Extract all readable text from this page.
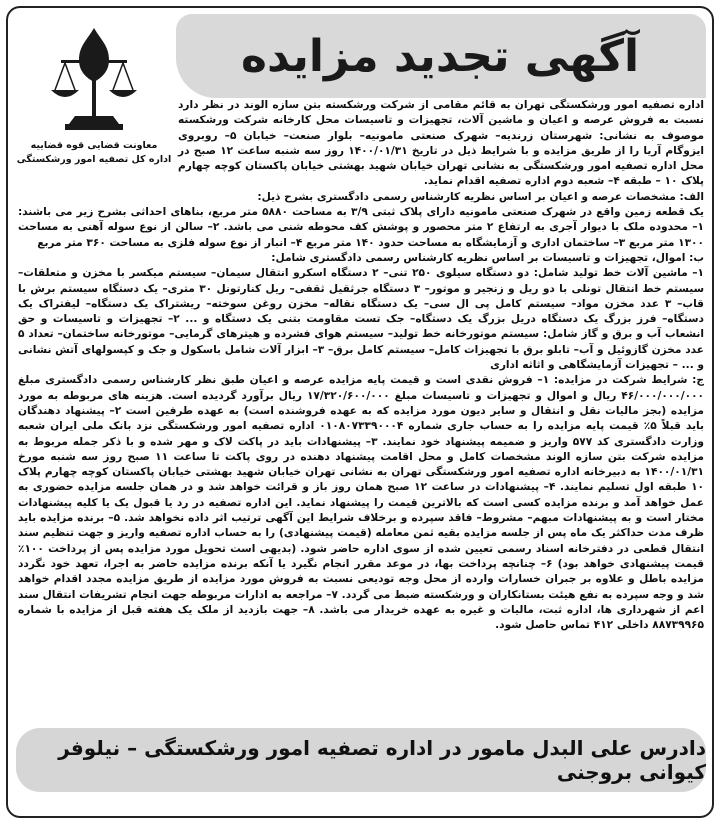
آگهی تجدید مزایده
معاونت قضایی قوه قضاییه
اداره کل تصفیه امور ورشکستگی

اداره تصفیه امور ورشکستگی تهران به قائم مقامی از شرکت ورشکسته بتن سازه الوند در نظر دارد نسبت به فروش عرصه و اعیان و ماشین آلات، تجهیزات و تاسیسات محل کارخانه شرکت ورشکسته موصوف به نشانی: شهرستان زرندیه– شهرک صنعتی مامونیه– بلوار صنعت– خیابان ۵– روبروی ایزوگام آریا را از طریق مزایده و با شرایط ذیل در تاریخ ۱۴۰۰/۰۱/۳۱ روز سه شنبه ساعت ۱۲ صبح در محل اداره تصفیه امور ورشکستگی به نشانی تهران خیابان شهید بهشتی خیابان پاکستان کوچه چهارم پلاک ۱۰ – طبقه ۴– شعبه دوم اداره تصفیه اقدام نماید.

الف: مشخصات عرصه و اعیان بر اساس نظریه کارشناس رسمی دادگستری بشرح ذیل:

یک قطعه زمین واقع در شهرک صنعتی مامونیه دارای پلاک ثبتی ۳/۹ به مساحت ۵۸۸۰ متر مربع، بناهای احداثی بشرح زیر می باشند: ۱– محدوده ملک با دیوار آجری به ارتفاع ۲ متر محصور و پوشش کف محوطه شنی می باشد. ۲– سالن از نوع سوله آهنی به مساحت ۱۳۰۰ متر مربع ۳– ساختمان اداری و آزمایشگاه به مساحت حدود ۱۴۰ متر مربع ۴– انبار از نوع سوله فلزی به مساحت ۳۶۰ متر مربع

ب: اموال، تجهیزات و تاسیسات بر اساس نظریه کارشناس رسمی دادگستری شامل:

۱– ماشین آلات خط تولید شامل: دو دستگاه سیلوی ۲۵۰ تنی– ۲ دستگاه اسکرو انتقال سیمان– سیستم میکسر با مخزن و متعلقات– سیستم خط انتقال تونلی با دو ریل و زنجیر و موتور– ۳ دستگاه جرثقیل ثقفی– ریل کنارتونل ۳۰ متری– یک دستگاه سیستم برش با قاب– ۳ عدد مخزن مواد– سیستم کامل پی ال سی– یک دستگاه نقاله– مخزن روغن سوخته– ریشتراک یک دستگاه– لیفتراک یک دستگاه– فرز بزرگ یک دستگاه دریل بزرگ یک دستگاه– جک تست مقاومت بتنی یک دستگاه و ... ۲– تجهیزات و تاسیسات و حق انشعاب آب و برق و گاز شامل: سیستم موتورخانه خط تولید– سیستم هوای فشرده و هیترهای گرمایی– موتورخانه ساختمان– تعداد ۵ عدد مخزن گازوئیل و آب– تابلو برق با تجهیزات کامل– سیستم کامل برق– ۳– ابزار آلات شامل باسکول و جک و کپسولهای آتش نشانی و ... – تجهیزات آزمایشگاهی و اثاثه اداری

ج: شرایط شرکت در مزایده: ۱– فروش نقدی است و قیمت پایه مزایده عرصه و اعیان طبق نظر کارشناس رسمی دادگستری مبلغ ۴۶/۰۰۰/۰۰۰/۰۰۰ ریال و اموال و تجهیزات و تاسیسات مبلغ ۱۷/۳۲۰/۶۰۰/۰۰۰ ریال برآورد گردیده است. هزینه های مربوطه به مورد مزایده (بجز مالیات نقل و انتقال و سایر دیون مورد مزایده که به عهده فروشنده است) به عهده طرفین است ۲– پیشنهاد دهندگان باید قبلاً ۵٪ قیمت پایه مزایده را به حساب جاری شماره ۰۱۰۸۰۷۳۳۹۰۰۰۴ اداره تصفیه امور ورشکستگی نزد بانک ملی ایران شعبه وزارت دادگستری کد ۵۷۷ واریز و ضمیمه پیشنهاد خود نمایند. ۳– پیشنهادات باید در پاکت لاک و مهر شده و با ذکر جمله مربوط به مزایده شرکت بتن سازه الوند مشخصات کامل و محل اقامت پیشنهاد دهنده در روی پاکت تا ساعت ۱۱ صبح روز سه شنبه مورخ ۱۴۰۰/۰۱/۳۱ به دبیرخانه اداره تصفیه امور ورشکستگی تهران به نشانی تهران خیابان شهید بهشتی خیابان پاکستان کوچه چهارم پلاک ۱۰ طبقه اول تسلیم نمایند. ۴– پیشنهادات در ساعت ۱۲ صبح همان روز باز و قرائت خواهد شد و در همان جلسه مزایده حضوری به عمل خواهد آمد و برنده مزایده کسی است که بالاترین قیمت را پیشنهاد نماید. این اداره تصفیه در رد یا قبول یک یا کلیه پیشنهادات مختار است و به پیشنهادات مبهم– مشروط– فاقد سپرده و برخلاف شرایط این آگهی ترتیب اثر داده نخواهد شد. ۵– برنده مزایده باید ظرف مدت حداکثر یک ماه پس از جلسه مزایده بقیه ثمن معامله (قیمت پیشنهادی) را به حساب اداره تصفیه واریز و جهت تنظیم سند انتقال قطعی در دفترخانه اسناد رسمی تعیین شده از سوی اداره حاضر شود. (بدیهی است تحویل مورد مزایده پس از پرداخت ۱۰۰٪ قیمت پیشنهادی خواهد بود) ۶– چنانچه پرداخت بها، در موعد مقرر انجام نگیرد یا آنکه برنده مزایده حاضر به اجرا، تعهد خود نگردد مزایده باطل و علاوه بر جبران خسارات وارده از محل وجه تودیعی نسبت به فروش مورد مزایده از طریق مزایده مجدد اقدام خواهد شد و وجه سپرده به نفع هیئت بستانکاران و ورشکسته ضبط می گردد. ۷– مراجعه به ادارات مربوطه جهت انجام تشریفات انتقال سند اعم از شهرداری ها، اداره ثبت، مالیات و غیره به عهده خریدار می باشد. ۸– جهت بازدید از ملک یک هفته قبل از مزایده با شماره ۸۸۷۳۹۹۶۵ داخلی ۴۱۲ تماس حاصل شود.

دادرس علی البدل مامور در اداره تصفیه امور ورشکستگی – نیلوفر کیوانی بروجنی
